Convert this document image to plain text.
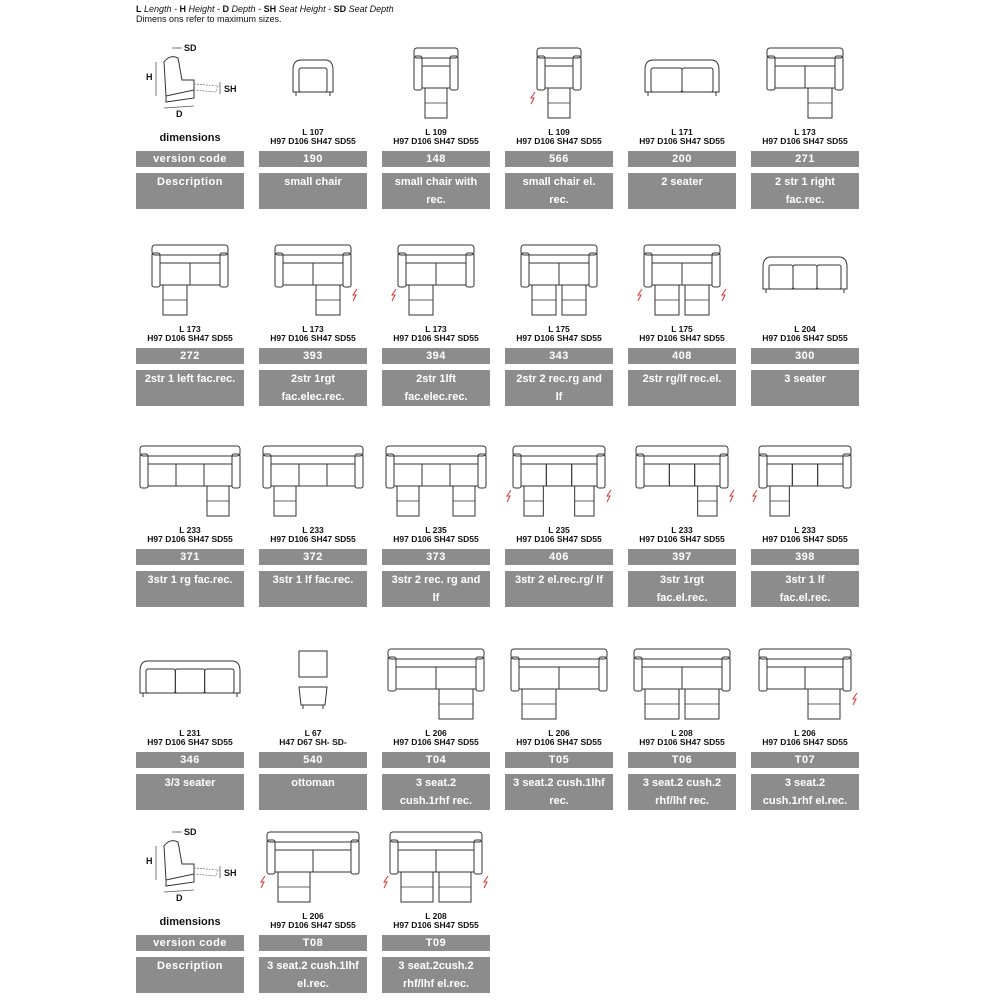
L Length - H Height - D Depth - SH Seat Height - SD Seat Depth
Dimens ons refer to maximum sizes.
SD
H
D
SH
dimensions
version code
Description
SD
H
D
SH
dimensions
version code
Description
L 107
H97 D106 SH47 SD55
190
small chair
L 109
H97 D106 SH47 SD55
148
small chair with
rec.
L 109
H97 D106 SH47 SD55
566
small chair el.
rec.
L 171
H97 D106 SH47 SD55
200
2 seater
L 173
H97 D106 SH47 SD55
271
2 str 1 right
fac.rec.
L 173
H97 D106 SH47 SD55
272
2str 1 left fac.rec.
L 173
H97 D106 SH47 SD55
393
2str 1rgt
fac.elec.rec.
L 173
H97 D106 SH47 SD55
394
2str 1lft
fac.elec.rec.
L 175
H97 D106 SH47 SD55
343
2str 2 rec.rg and
lf
L 175
H97 D106 SH47 SD55
408
2str rg/lf rec.el.
L 204
H97 D106 SH47 SD55
300
3 seater
L 233
H97 D106 SH47 SD55
371
3str 1 rg fac.rec.
L 233
H97 D106 SH47 SD55
372
3str 1 lf fac.rec.
L 235
H97 D106 SH47 SD55
373
3str 2 rec. rg and
lf
L 235
H97 D106 SH47 SD55
406
3str 2 el.rec.rg/ lf
L 233
H97 D106 SH47 SD55
397
3str 1rgt
fac.el.rec.
L 233
H97 D106 SH47 SD55
398
3str 1 lf
fac.el.rec.
L 231
H97 D106 SH47 SD55
346
3/3 seater
L 67
H47 D67 SH- SD-
540
ottoman
L 206
H97 D106 SH47 SD55
T04
3 seat.2
cush.1rhf rec.
L 206
H97 D106 SH47 SD55
T05
3 seat.2 cush.1lhf
rec.
L 208
H97 D106 SH47 SD55
T06
3 seat.2 cush.2
rhf/lhf rec.
L 206
H97 D106 SH47 SD55
T07
3 seat.2
cush.1rhf el.rec.
L 206
H97 D106 SH47 SD55
T08
3 seat.2 cush.1lhf
el.rec.
L 208
H97 D106 SH47 SD55
T09
3 seat.2cush.2
rhf/lhf el.rec.
